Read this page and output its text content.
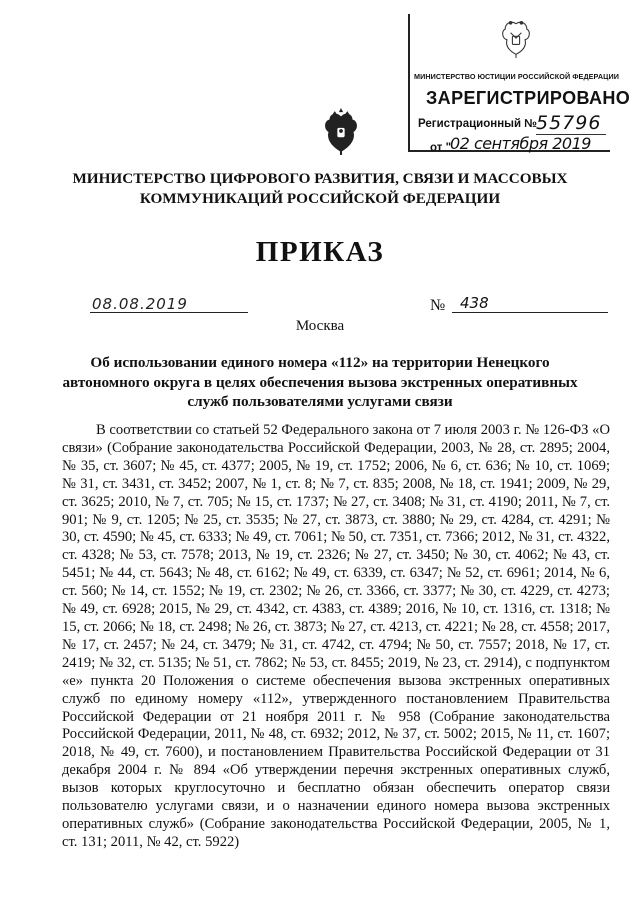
МИНИСТЕРСТВО ЮСТИЦИИ РОССИЙСКОЙ ФЕДЕРАЦИИ
ЗАРЕГИСТРИРОВАНО
Регистрационный №
55796
от "
02 сентября 2019
МИНИСТЕРСТВО ЦИФРОВОГО РАЗВИТИЯ, СВЯЗИ И МАССОВЫХ
КОММУНИКАЦИЙ РОССИЙСКОЙ ФЕДЕРАЦИИ
ПРИКАЗ
08.08.2019	№ 438
Москва
Об использовании единого номера «112» на территории Ненецкого
автономного округа в целях обеспечения вызова экстренных оперативных
служб пользователями услугами связи
В соответствии со статьей 52 Федерального закона от 7 июля 2003 г. № 126-ФЗ «О связи» (Собрание законодательства Российской Федерации, 2003, № 28, ст. 2895; 2004, № 35, ст. 3607; № 45, ст. 4377; 2005, № 19, ст. 1752; 2006, № 6, ст. 636; № 10, ст. 1069; № 31, ст. 3431, ст. 3452; 2007, № 1, ст. 8; № 7, ст. 835; 2008, № 18, ст. 1941; 2009, № 29, ст. 3625; 2010, № 7, ст. 705; № 15, ст. 1737; № 27, ст. 3408; № 31, ст. 4190; 2011, № 7, ст. 901; № 9, ст. 1205; № 25, ст. 3535; № 27, ст. 3873, ст. 3880; № 29, ст. 4284, ст. 4291; № 30, ст. 4590; № 45, ст. 6333; № 49, ст. 7061; № 50, ст. 7351, ст. 7366; 2012, № 31, ст. 4322, ст. 4328; № 53, ст. 7578; 2013, № 19, ст. 2326; № 27, ст. 3450; № 30, ст. 4062; № 43, ст. 5451; № 44, ст. 5643; № 48, ст. 6162; № 49, ст. 6339, ст. 6347; № 52, ст. 6961; 2014, № 6, ст. 560; № 14, ст. 1552; № 19, ст. 2302; № 26, ст. 3366, ст. 3377; № 30, ст. 4229, ст. 4273; № 49, ст. 6928; 2015, № 29, ст. 4342, ст. 4383, ст. 4389; 2016, № 10, ст. 1316, ст. 1318; № 15, ст. 2066; № 18, ст. 2498; № 26, ст. 3873; № 27, ст. 4213, ст. 4221; № 28, ст. 4558; 2017, № 17, ст. 2457; № 24, ст. 3479; № 31, ст. 4742, ст. 4794; № 50, ст. 7557; 2018, № 17, ст. 2419; № 32, ст. 5135; № 51, ст. 7862; № 53, ст. 8455; 2019, № 23, ст. 2914), с подпунктом «е» пункта 20 Положения о системе обеспечения вызова экстренных оперативных служб по единому номеру «112», утвержденного постановлением Правительства Российской Федерации от 21 ноября 2011 г. № 958 (Собрание законодательства Российской Федерации, 2011, № 48, ст. 6932; 2012, № 37, ст. 5002; 2015, № 11, ст. 1607; 2018, № 49, ст. 7600), и постановлением Правительства Российской Федерации от 31 декабря 2004 г. № 894 «Об утверждении перечня экстренных оперативных служб, вызов которых круглосуточно и бесплатно обязан обеспечить оператор связи пользователю услугами связи, и о назначении единого номера вызова экстренных оперативных служб» (Собрание законодательства Российской Федерации, 2005, № 1, ст. 131; 2011, № 42, ст. 5922)
